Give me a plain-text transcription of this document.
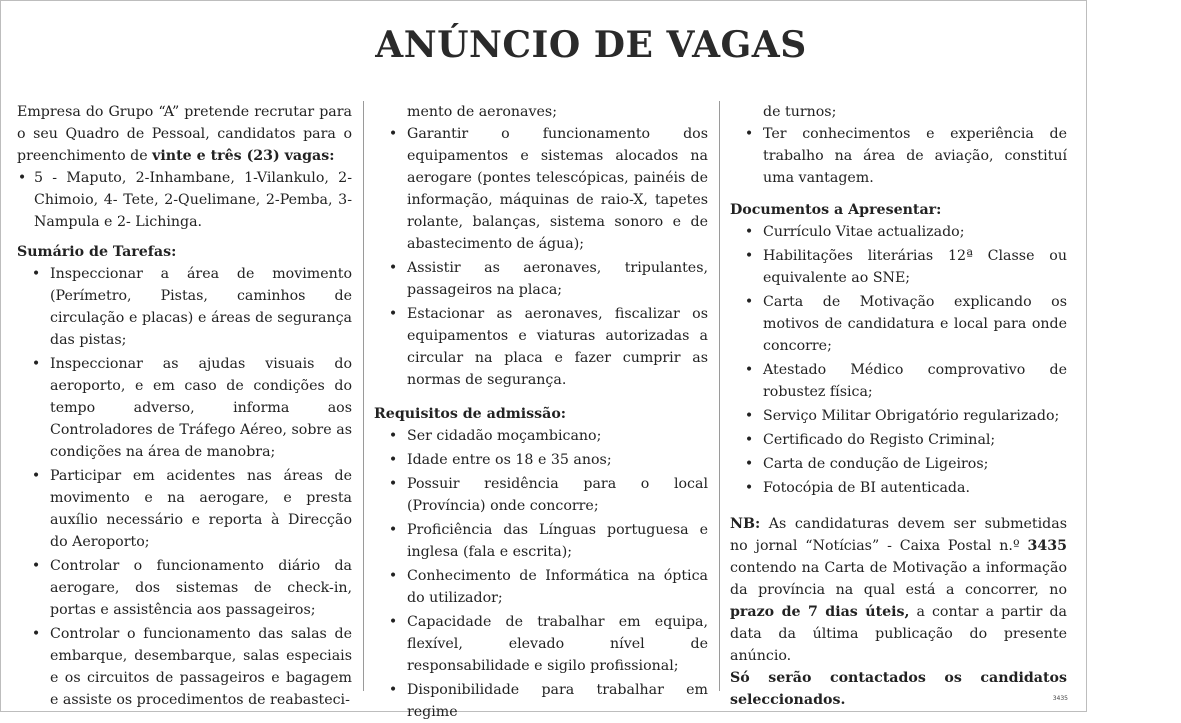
ANÚNCIO DE VAGAS

Empresa do Grupo “A” pretende recrutar para o seu Quadro de Pessoal, candidatos para o preenchimento de vinte e três (23) vagas:

• 5 - Maputo, 2-Inhambane, 1-Vilankulo, 2-Chimoio, 4- Tete, 2-Quelimane, 2-Pemba, 3- Nampula e 2- Lichinga.

Sumário de Tarefas:

• Inspeccionar a área de movimento (Perímetro, Pistas, caminhos de circulação e placas) e áreas de segurança das pistas;
• Inspeccionar as ajudas visuais do aeroporto, e em caso de condições do tempo adverso, informa aos Controladores de Tráfego Aéreo, sobre as condições na área de manobra;
• Participar em acidentes nas áreas de movimento e na aerogare, e presta auxílio necessário e reporta à Direcção do Aeroporto;
• Controlar o funcionamento diário da aerogare, dos sistemas de check-in, portas e assistência aos passageiros;
• Controlar o funcionamento das salas de embarque, desembarque, salas especiais e os circuitos de passageiros e bagagem e assiste os procedimentos de reabasteci-
mento de aeronaves;
• Garantir o funcionamento dos equipamentos e sistemas alocados na aerogare (pontes telescópicas, painéis de informação, máquinas de raio-X, tapetes rolante, balanças, sistema sonoro e de abastecimento de água);
• Assistir as aeronaves, tripulantes, passageiros na placa;
• Estacionar as aeronaves, fiscalizar os equipamentos e viaturas autorizadas a circular na placa e fazer cumprir as normas de segurança.

Requisitos de admissão:

• Ser cidadão moçambicano;
• Idade entre os 18 e 35 anos;
• Possuir residência para o local (Província) onde concorre;
• Proficiência das Línguas portuguesa e inglesa (fala e escrita);
• Conhecimento de Informática na óptica do utilizador;
• Capacidade de trabalhar em equipa, flexível, elevado nível de responsabilidade e sigilo profissional;
• Disponibilidade para trabalhar em regime
de turnos;
• Ter conhecimentos e experiência de trabalho na área de aviação, constituí uma vantagem.

Documentos a Apresentar:

• Currículo Vitae actualizado;
• Habilitações literárias 12ª Classe ou equivalente ao SNE;
• Carta de Motivação explicando os motivos de candidatura e local para onde concorre;
• Atestado Médico comprovativo de robustez física;
• Serviço Militar Obrigatório regularizado;
• Certificado do Registo Criminal;
• Carta de condução de Ligeiros;
• Fotocópia de BI autenticada.

NB: As candidaturas devem ser submetidas no jornal “Notícias” - Caixa Postal n.º 3435 contendo na Carta de Motivação a informação da província na qual está a concorrer, no prazo de 7 dias úteis, a contar a partir da data da última publicação do presente anúncio.

Só serão contactados os candidatos seleccionados.	3435
